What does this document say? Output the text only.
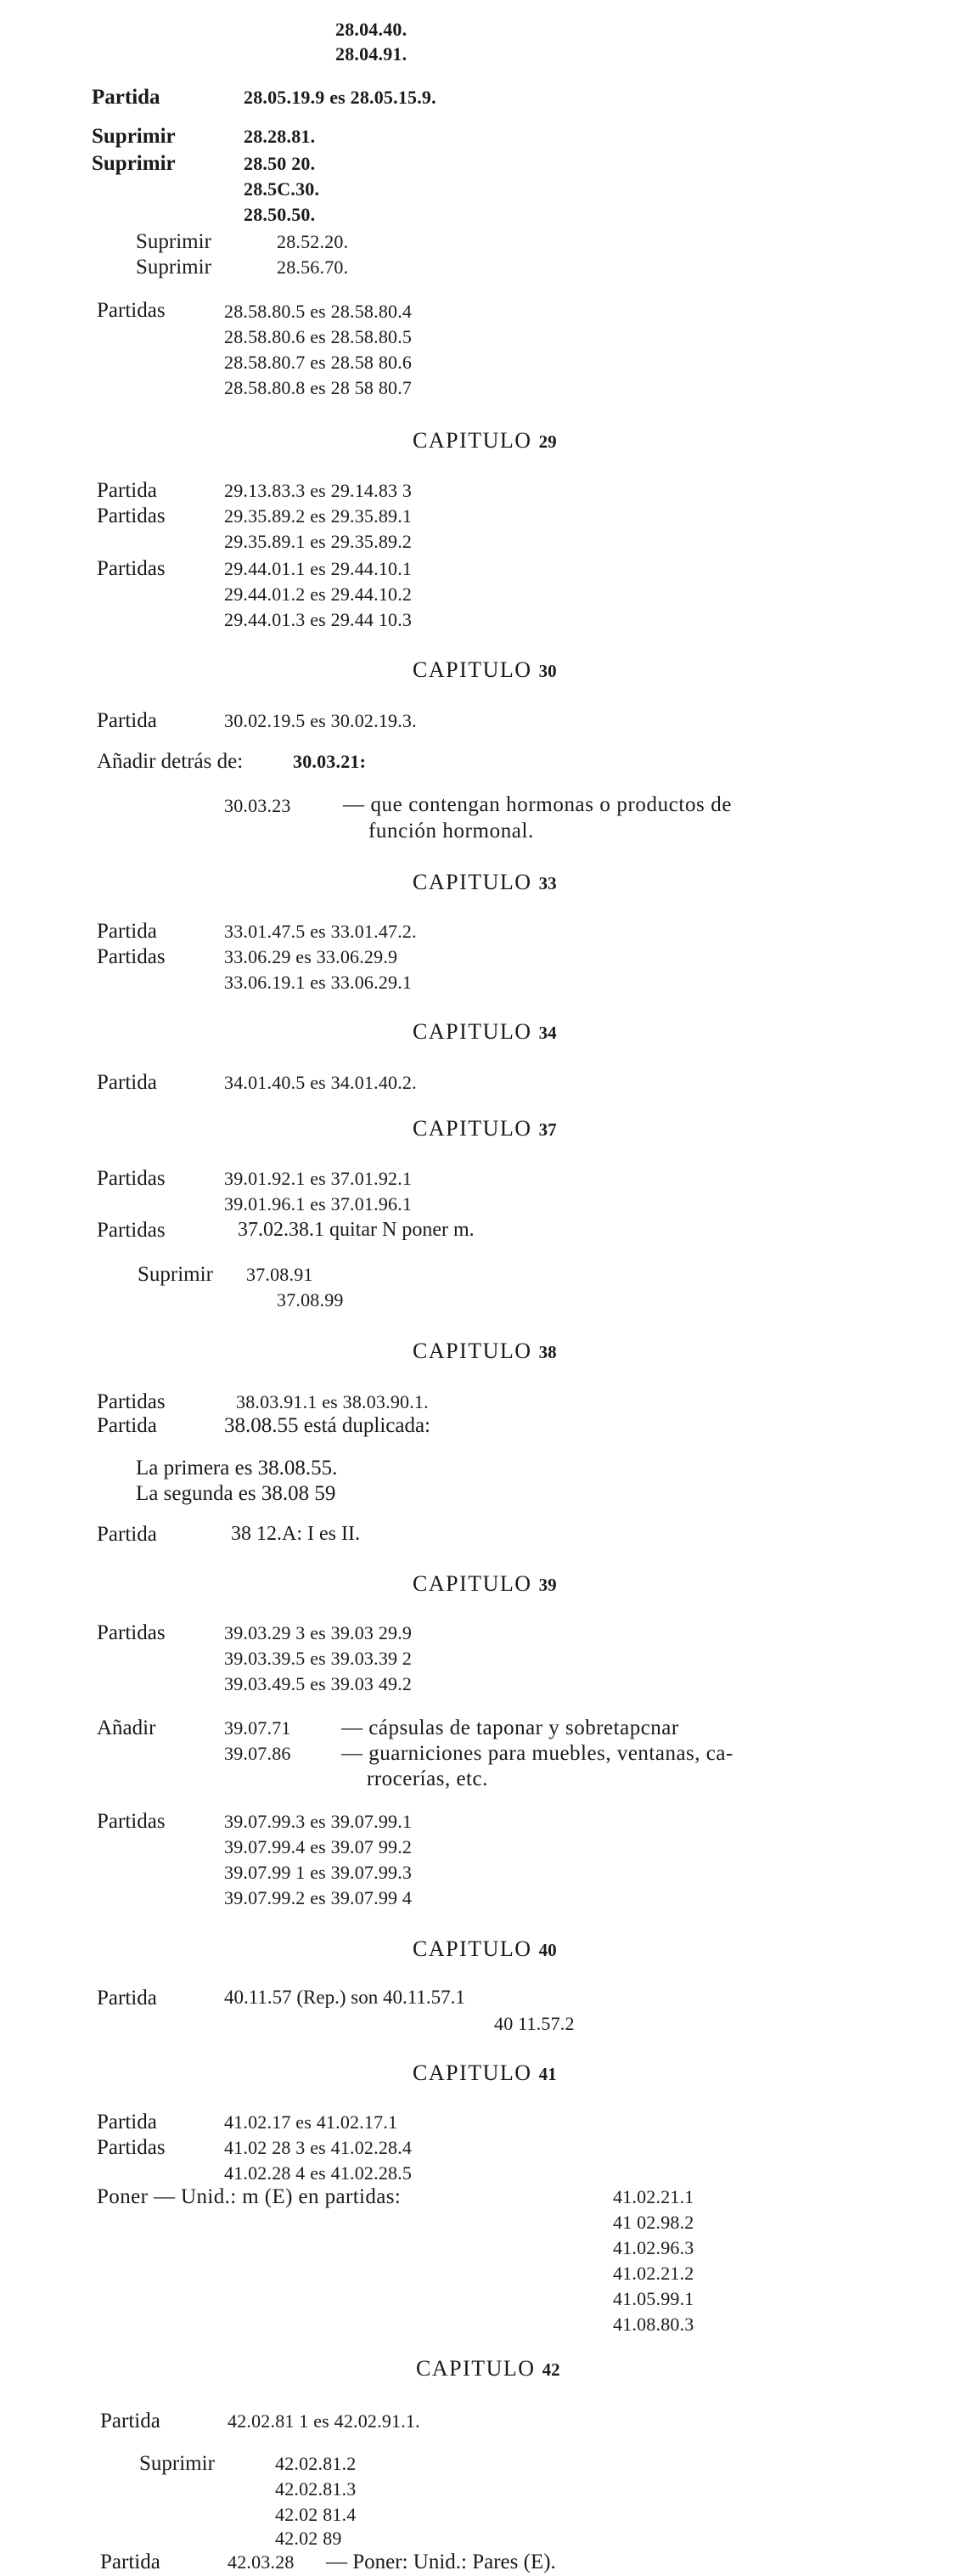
28.04.40.
28.04.91.
Partida	28.05.19.9 es 28.05.15.9.
Suprimir	28.28.81.
Suprimir	28.50 20.
28.5C.30.
28.50.50.
Suprimir	28.52.20.
Suprimir	28.56.70.
Partidas	28.58.80.5 es 28.58.80.4
28.58.80.6 es 28.58.80.5
28.58.80.7 es 28.58 80.6
28.58.80.8 es 28 58 80.7
CAPITULO 29
Partida	29.13.83.3 es 29.14.83 3
Partidas	29.35.89.2 es 29.35.89.1
29.35.89.1 es 29.35.89.2
Partidas	29.44.01.1 es 29.44.10.1
29.44.01.2 es 29.44.10.2
29.44.01.3 es 29.44 10.3
CAPITULO 30
Partida	30.02.19.5 es 30.02.19.3.
Añadir detrás de:	30.03.21:
30.03.23 — que contengan hormonas o productos de
función hormonal.
CAPITULO 33
Partida	33.01.47.5 es 33.01.47.2.
Partidas	33.06.29 es 33.06.29.9
33.06.19.1 es 33.06.29.1
CAPITULO 34
Partida	34.01.40.5 es 34.01.40.2.
CAPITULO 37
Partidas	39.01.92.1 es 37.01.92.1
39.01.96.1 es 37.01.96.1
Partidas	37.02.38.1 quitar N poner m.
Suprimir 37.08.91
37.08.99
CAPITULO 38
Partidas	38.03.91.1 es 38.03.90.1.
Partida	38.08.55 está duplicada:
La primera es 38.08.55.
La segunda es 38.08 59
Partida	38 12.A: I es II.
CAPITULO 39
Partidas	39.03.29 3 es 39.03 29.9
39.03.39.5 es 39.03.39 2
39.03.49.5 es 39.03 49.2
Añadir	39.07.71 — cápsulas de taponar y sobretapcnar
39.07.86 — guarniciones para muebles, ventanas, ca-
rrocerías, etc.
Partidas	39.07.99.3 es 39.07.99.1
39.07.99.4 es 39.07 99.2
39.07.99 1 es 39.07.99.3
39.07.99.2 es 39.07.99 4
CAPITULO 40
Partida	40.11.57 (Rep.) son 40.11.57.1
40 11.57.2
CAPITULO 41
Partida	41.02.17 es 41.02.17.1
Partidas	41.02 28 3 es 41.02.28.4
41.02.28 4 es 41.02.28.5
Poner — Unid.: m (E) en partidas:	41.02.21.1
41 02.98.2
41.02.96.3
41.02.21.2
41.05.99.1
41.08.80.3
CAPITULO 42
Partida	42.02.81 1 es 42.02.91.1.
Suprimir	42.02.81.2
42.02.81.3
42.02 81.4
42.02 89
Partida	42.03.28 — Poner: Unid.: Pares (E).
